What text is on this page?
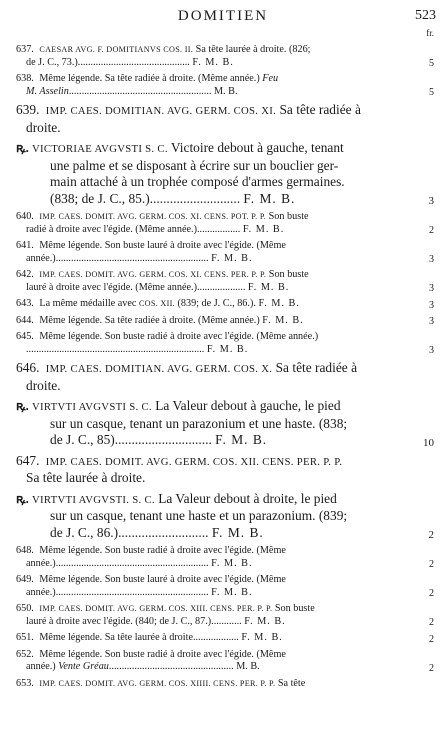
DOMITIEN	523
fr.
637. CAESAR AVG. F. DOMITIANVS COS. II. Sa tête laurée à droite. (826;
de J. C., 73.)............................................ F. M. B.	5
638. Même légende. Sa tête radiée à droite. (Même année.) Feu
M. Asselin........................................................ M. B.	5
639. IMP. CAES. DOMITIAN. AVG. GERM. COS. XI. Sa tête radiée à
droite.
ꝶ. VICTORIAE AVGVSTI S. C. Victoire debout à gauche, tenant
une palme et se disposant à écrire sur un bouclier ger-
main attaché à un trophée composé d'armes germaines.
(838; de J. C., 85.)........................... F. M. B.	3
640. IMP. CAES. DOMIT. AVG. GERM. COS. XI. CENS. POT. P. P. Son buste
radié à droite avec l'égide. (Même année.)................. F. M. B.	2
641. Même légende. Son buste lauré à droite avec l'égide. (Même
année.)............................................................ F. M. B.	3
642. IMP. CAES. DOMIT. AVG. GERM. COS. XI. CENS. PER. P. P. Son buste
lauré à droite avec l'égide. (Même année.)................... F. M. B.	3
643. La même médaille avec COS. XII. (839; de J. C., 86.). F. M. B.	3
644. Même légende. Sa tête radiée à droite. (Même année.) F. M. B.	3
645. Même légende. Son buste radié à droite avec l'égide. (Même année.)
...................................................................... F. M. B.	3
646. IMP. CAES. DOMITIAN. AVG. GERM. COS. X. Sa tête radiée à
droite.
ꝶ. VIRTVTI AVGVSTI S. C. La Valeur debout à gauche, le pied
sur un casque, tenant un parazonium et une haste. (838;
de J. C., 85)............................. F. M. B.	10
647. IMP. CAES. DOMIT. AVG. GERM. COS. XII. CENS. PER. P. P.
Sa tête laurée à droite.
ꝶ. VIRTVTI AVGVSTI. S. C. La Valeur debout à droite, le pied
sur un casque, tenant une haste et un parazonium. (839;
de J. C., 86.)........................... F. M. B.	2
648. Même légende. Son buste radié à droite avec l'égide. (Même
année.)............................................................ F. M. B.	2
649. Même légende. Son buste lauré à droite avec l'égide. (Même
année.)............................................................ F. M. B.	2
650. IMP. CAES. DOMIT. AVG. GERM. COS. XIII. CENS. PER. P. P. Son buste
lauré à droite avec l'égide. (840; de J. C., 87.)............ F. M. B.	2
651. Même légende. Sa tête laurée à droite.................. F. M. B.	2
652. Même légende. Son buste radié à droite avec l'égide. (Même
année.) Vente Gréau................................................. M. B.	2
653. IMP. CAES. DOMIT. AVG. GERM. COS. XIIII. CENS. PER. P. P. Sa tête
